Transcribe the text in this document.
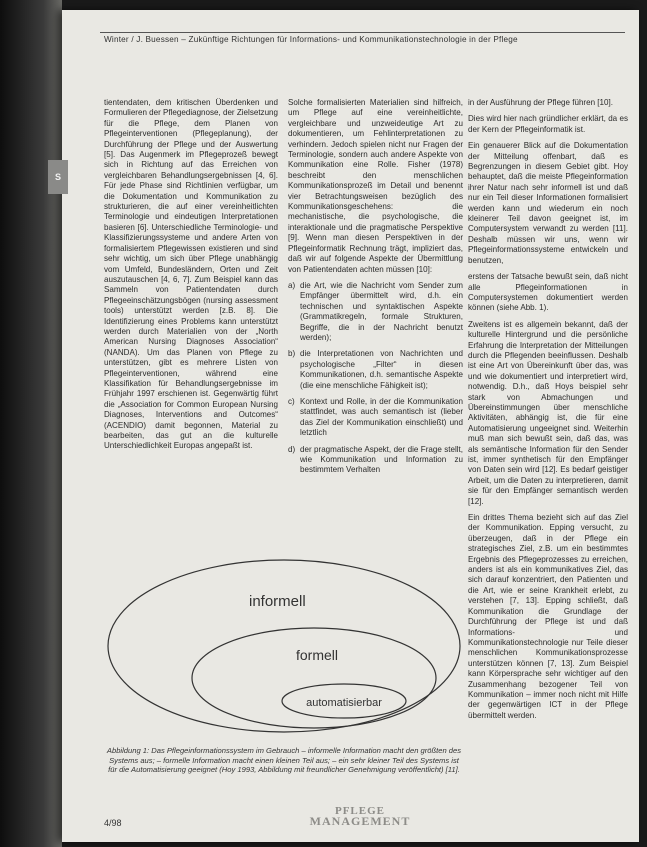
Winter / J. Buessen – Zukünftige Richtungen für Informations- und Kommunikationstechnologie in der Pflege
S

tientendaten, dem kritischen Überdenken und Formulieren der Pflegediagnose, der Zielsetzung für die Pflege, dem Planen von Pflegeinterventionen (Pflegeplanung), der Durchführung der Pflege und der Auswertung [5]. Das Augenmerk im Pflegeprozeß bewegt sich in Richtung auf das Erreichen von vergleichbaren Behandlungsergebnissen [4, 6]. Für jede Phase sind Richtlinien verfügbar, um die Dokumentation und Kommunikation zu strukturieren, die auf einer vereinheitlichten Terminologie und eindeutigen Interpretationen basieren [6]. Unterschiedliche Terminologie- und Klassifizierungssysteme und andere Arten von formalisiertem Pflegewissen existieren und sind sehr wichtig, um sich über Pflege unabhängig vom Umfeld, Bundesländern, Orten und Zeit auszutauschen [4, 6, 7]. Zum Beispiel kann das Sammeln von Patientendaten durch Pflegeeinschätzungsbögen (nursing assessment tools) unterstützt werden [z.B. 8]. Die Identifizierung eines Problems kann unterstützt werden durch Materialien von der „North American Nursing Diagnoses Association“ (NANDA). Um das Planen von Pflege zu unterstützen, gibt es mehrere Listen von Pflegeinterventionen, während eine Klassifikation für Behandlungsergebnisse im Frühjahr 1997 erschienen ist. Gegenwärtig führt die „Association for Common European Nursing Diagnoses, Interventions and Outcomes“ (ACENDIO) damit begonnen, Material zu bearbeiten, das gut an die kulturelle Unterschiedlichkeit Europas angepaßt ist.

Solche formalisierten Materialien sind hilfreich, um Pflege auf eine vereinheitlichte, vergleichbare und unzweideutige Art zu dokumentieren, um Fehlinterpretationen zu verhindern. Jedoch spielen nicht nur Fragen der Terminologie, sondern auch andere Aspekte von Kommunikation eine Rolle. Fisher (1978) beschreibt den menschlichen Kommunikationsprozeß im Detail und benennt vier Betrachtungsweisen bezüglich des Kommunikationsgeschehens: die mechanistische, die psychologische, die interaktionale und die pragmatische Perspektive [9]. Wenn man diesen Perspektiven in der Pflegeinformatik Rechnung trägt, impliziert das, daß wir auf folgende Aspekte der Übermittlung von Patientendaten achten müssen [10]:

a) die Art, wie die Nachricht vom Sender zum Empfänger übermittelt wird, d.h. ein technischen und syntaktischen Aspekte (Grammatikregeln, formale Strukturen, Begriffe, die in der Nachricht benutzt werden);
b) die Interpretationen von Nachrichten und psychologische „Filter“ in diesen Kommunikationen, d.h. semantische Aspekte (die eine menschliche Fähigkeit ist);
c) Kontext und Rolle, in der die Kommunikation stattfindet, was auch semantisch ist (lieber das Ziel der Kommunikation einschließt) und letztlich
d) der pragmatische Aspekt, der die Frage stellt, wie Kommunikation und Information zu bestimmtem Verhalten

in der Ausführung der Pflege führen [10].

Dies wird hier nach gründlicher erklärt, da es der Kern der Pflegeinformatik ist.

Ein genauerer Blick auf die Dokumentation der Mitteilung offenbart, daß es Begrenzungen in diesem Gebiet gibt. Hoy behauptet, daß die meiste Pflegeinformation ihrer Natur nach sehr informell ist und daß nur ein Teil dieser Informationen formalisiert werden kann und wiederum ein noch kleinerer Teil davon geeignet ist, im Computersystem verwandt zu werden [11]. Deshalb müssen wir uns, wenn wir Pflegeinformationssysteme entwickeln und benutzen,

erstens der Tatsache bewußt sein, daß nicht alle Pflegeinformationen in Computersystemen dokumentiert werden können (siehe Abb. 1).

Zweitens ist es allgemein bekannt, daß der kulturelle Hintergrund und die persönliche Erfahrung die Interpretation der Mitteilungen durch die Pflegenden beeinflussen. Deshalb ist eine Art von Übereinkunft über das, was und wie dokumentiert und interpretiert wird, notwendig. D.h., daß Hoys beispiel sehr stark von Abmachungen und Übereinstimmungen über menschliche Aktivitäten, abhängig ist, die für eine Automatisierung ungeeignet sind. Weiterhin muß man sich bewußt sein, daß das, was als semäntische Information für den Sender ist, immer synthetisch für den Empfänger von Daten sein wird [12]. Es bedarf geistiger Arbeit, um die Daten zu interpretieren, damit sie für den Empfänger semantisch werden [12].

Ein drittes Thema bezieht sich auf das Ziel der Kommunikation. Epping versucht, zu überzeugen, daß in der Pflege ein strategisches Ziel, z.B. um ein bestimmtes Ergebnis des Pflegeprozesses zu erreichen, anders ist als ein kommunikatives Ziel, das sich darauf konzentriert, den Patienten und die Art, wie er seine Krankheit erlebt, zu verstehen [7, 13]. Epping schließt, daß Kommunikation die Grundlage der Durchführung der Pflege ist und daß Informations- und Kommunikationstechnologie nur Teile dieser menschlichen Kommunikationsprozesse unterstützen können [7, 13]. Zum Beispiel kann Körpersprache sehr wichtiger auf den Zusammenhang bezogener Teil von Kommunikation – immer noch nicht mit Hilfe der gegenwärtigen ICT in der Pflege übermittelt werden.

informell
formell
automatisierbar
Abbildung 1: Das Pflegeinformationssystem im Gebrauch – informelle Information macht den größten des Systems aus; – formelle Information macht einen kleinen Teil aus; – ein sehr kleiner Teil des Systems ist für die Automatisierung geeignet (Hoy 1993, Abbildung mit freundlicher Genehmigung veröffentlicht) [11].
4/98
PFLEGE
MANAGEMENT
